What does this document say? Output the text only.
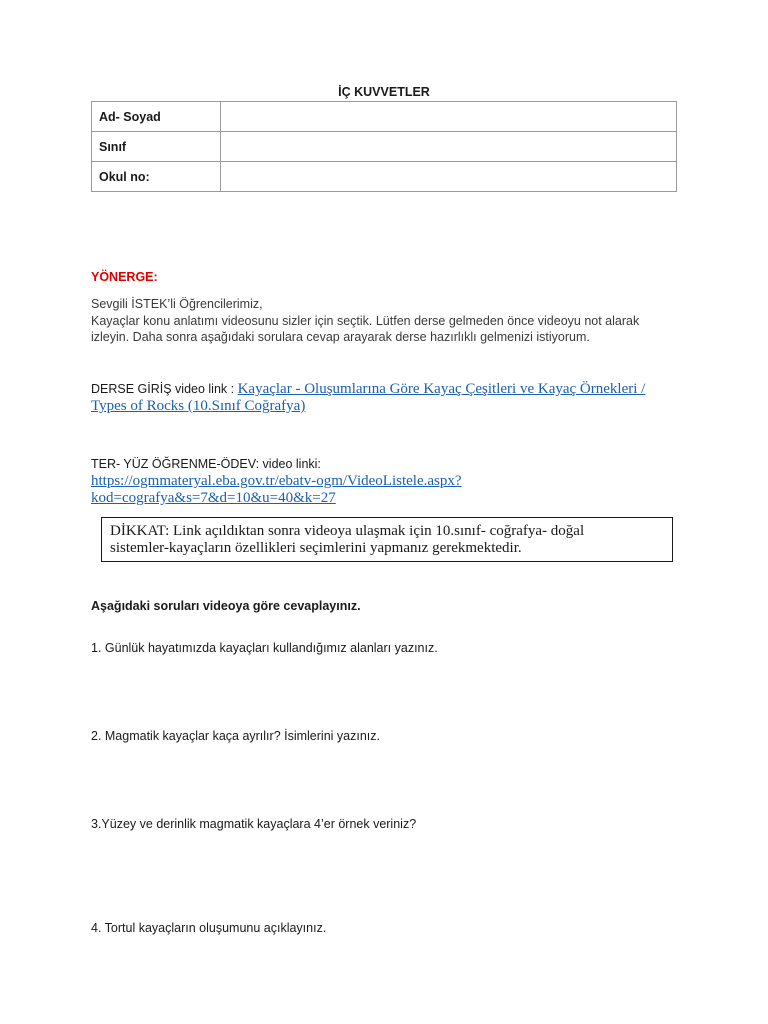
İÇ KUVVETLER
Ad- Soyad	
Sınıf	
Okul no:	
YÖNERGE:
Sevgili İSTEK’li Öğrencilerimiz,
Kayaçlar konu anlatımı videosunu sizler için seçtik. Lütfen derse gelmeden önce videoyu not alarak
izleyin. Daha sonra aşağıdaki sorulara cevap arayarak derse hazırlıklı gelmenizi istiyorum.
DERSE GİRİŞ video link : Kayaçlar - Oluşumlarına Göre Kayaç Çeşitleri ve Kayaç Örnekleri /
Types of Rocks (10.Sınıf Coğrafya)
TER- YÜZ ÖĞRENME-ÖDEV: video linki:
https://ogmmateryal.eba.gov.tr/ebatv-ogm/VideoListele.aspx?
kod=cografya&s=7&d=10&u=40&k=27
DİKKAT: Link açıldıktan sonra videoya ulaşmak için 10.sınıf- coğrafya- doğal
sistemler-kayaçların özellikleri seçimlerini yapmanız gerekmektedir.
Aşağıdaki soruları videoya göre cevaplayınız.
1. Günlük hayatımızda kayaçları kullandığımız alanları yazınız.
2. Magmatik kayaçlar kaça ayrılır? İsimlerini yazınız.
3.Yüzey ve derinlik magmatik kayaçlara 4’er örnek veriniz?
4. Tortul kayaçların oluşumunu açıklayınız.
